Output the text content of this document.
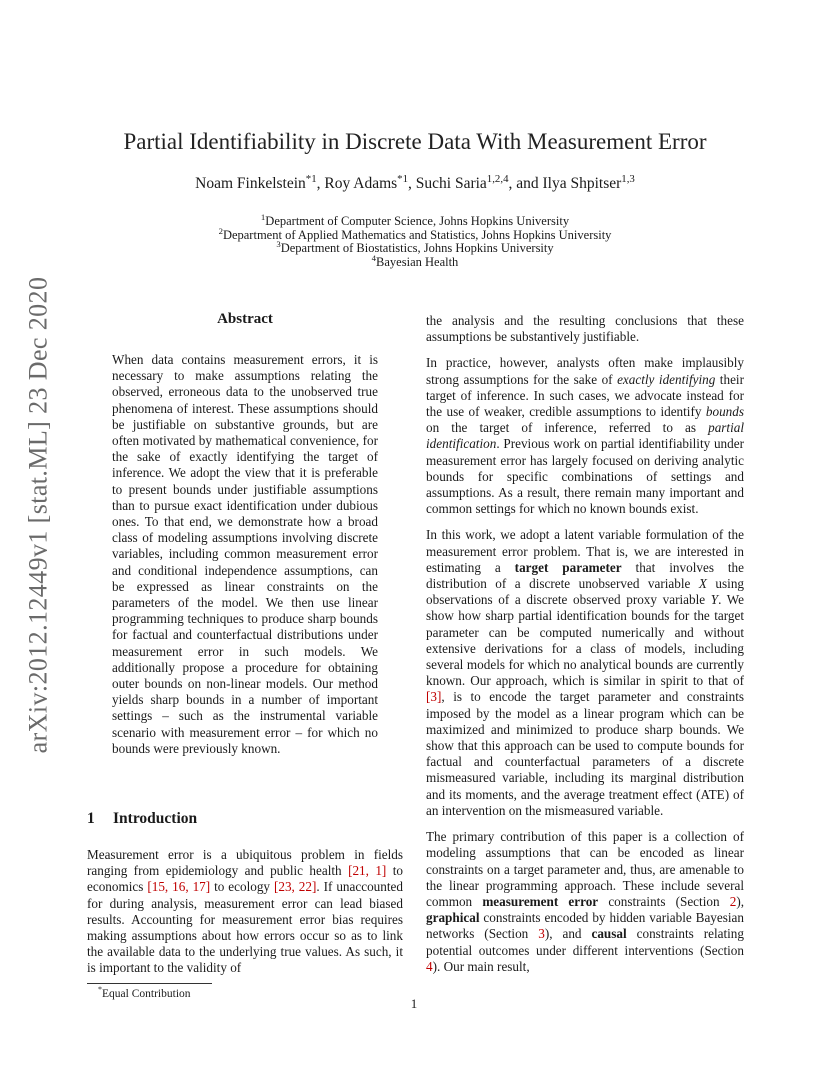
arXiv:2012.12449v1 [stat.ML] 23 Dec 2020
Partial Identifiability in Discrete Data With Measurement Error
Noam Finkelstein$^{*1}$, Roy Adams$^{*1}$, Suchi Saria$^{1,2,4}$, and Ilya Shpitser$^{1,3}$
$^1$Department of Computer Science, Johns Hopkins University
$^2$Department of Applied Mathematics and Statistics, Johns Hopkins University
$^3$Department of Biostatistics, Johns Hopkins University
$^4$Bayesian Health
Abstract
When data contains measurement errors, it is necessary to make assumptions relating the observed, erroneous data to the unobserved true phenomena of interest. These assumptions should be justifiable on substantive grounds, but are often motivated by mathematical convenience, for the sake of exactly identifying the target of inference. We adopt the view that it is preferable to present bounds under justifiable assumptions than to pursue exact identification under dubious ones. To that end, we demonstrate how a broad class of modeling assumptions involving discrete variables, including common measurement error and conditional independence assumptions, can be expressed as linear constraints on the parameters of the model. We then use linear programming techniques to produce sharp bounds for factual and counterfactual distributions under measurement error in such models. We additionally propose a procedure for obtaining outer bounds on non-linear models. Our method yields sharp bounds in a number of important settings – such as the instrumental variable scenario with measurement error – for which no bounds were previously known.
1 Introduction

Measurement error is a ubiquitous problem in fields ranging from epidemiology and public health [21, 1] to economics [15, 16, 17] to ecology [23, 22]. If unaccounted for during analysis, measurement error can lead biased results. Accounting for measurement error bias requires making assumptions about how errors occur so as to link the available data to the underlying true values. As such, it is important to the validity of

the analysis and the resulting conclusions that these assumptions be substantively justifiable.

In practice, however, analysts often make implausibly strong assumptions for the sake of exactly identifying their target of inference. In such cases, we advocate instead for the use of weaker, credible assumptions to identify bounds on the target of inference, referred to as partial identification. Previous work on partial identifiability under measurement error has largely focused on deriving analytic bounds for specific combinations of settings and assumptions. As a result, there remain many important and common settings for which no known bounds exist.

In this work, we adopt a latent variable formulation of the measurement error problem. That is, we are interested in estimating a target parameter that involves the distribution of a discrete unobserved variable X using observations of a discrete observed proxy variable Y. We show how sharp partial identification bounds for the target parameter can be computed numerically and without extensive derivations for a class of models, including several models for which no analytical bounds are currently known. Our approach, which is similar in spirit to that of [3], is to encode the target parameter and constraints imposed by the model as a linear program which can be maximized and minimized to produce sharp bounds. We show that this approach can be used to compute bounds for factual and counterfactual parameters of a discrete mismeasured variable, including its marginal distribution and its moments, and the average treatment effect (ATE) of an intervention on the mismeasured variable.

The primary contribution of this paper is a collection of modeling assumptions that can be encoded as linear constraints on a target parameter and, thus, are amenable to the linear programming approach. These include several common measurement error constraints (Section 2), graphical constraints encoded by hidden variable Bayesian networks (Section 3), and causal constraints relating potential outcomes under different interventions (Section 4). Our main result,

*Equal Contribution
1
